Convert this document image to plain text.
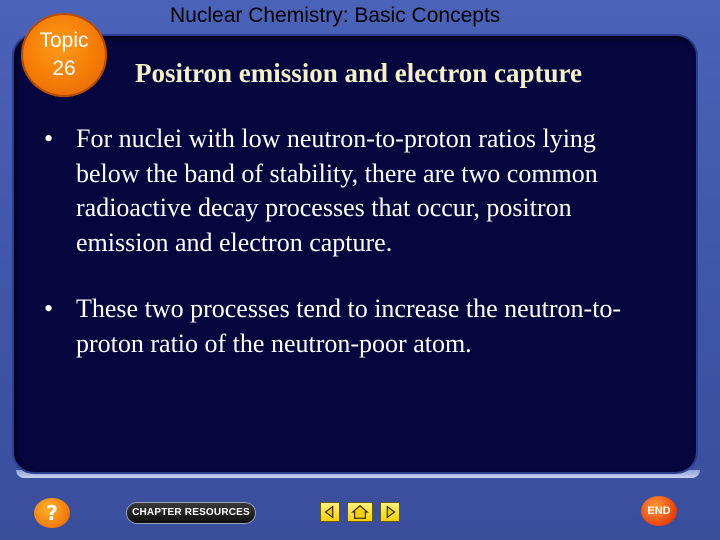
Topic
26
Nuclear Chemistry: Basic Concepts
Positron emission and electron capture
• For nuclei with low neutron-to-proton ratios lying below the band of stability, there are two common radioactive decay processes that occur, positron emission and electron capture.
• These two processes tend to increase the neutron-to-proton ratio of the neutron-poor atom.
?	CHAPTER RESOURCES	END
